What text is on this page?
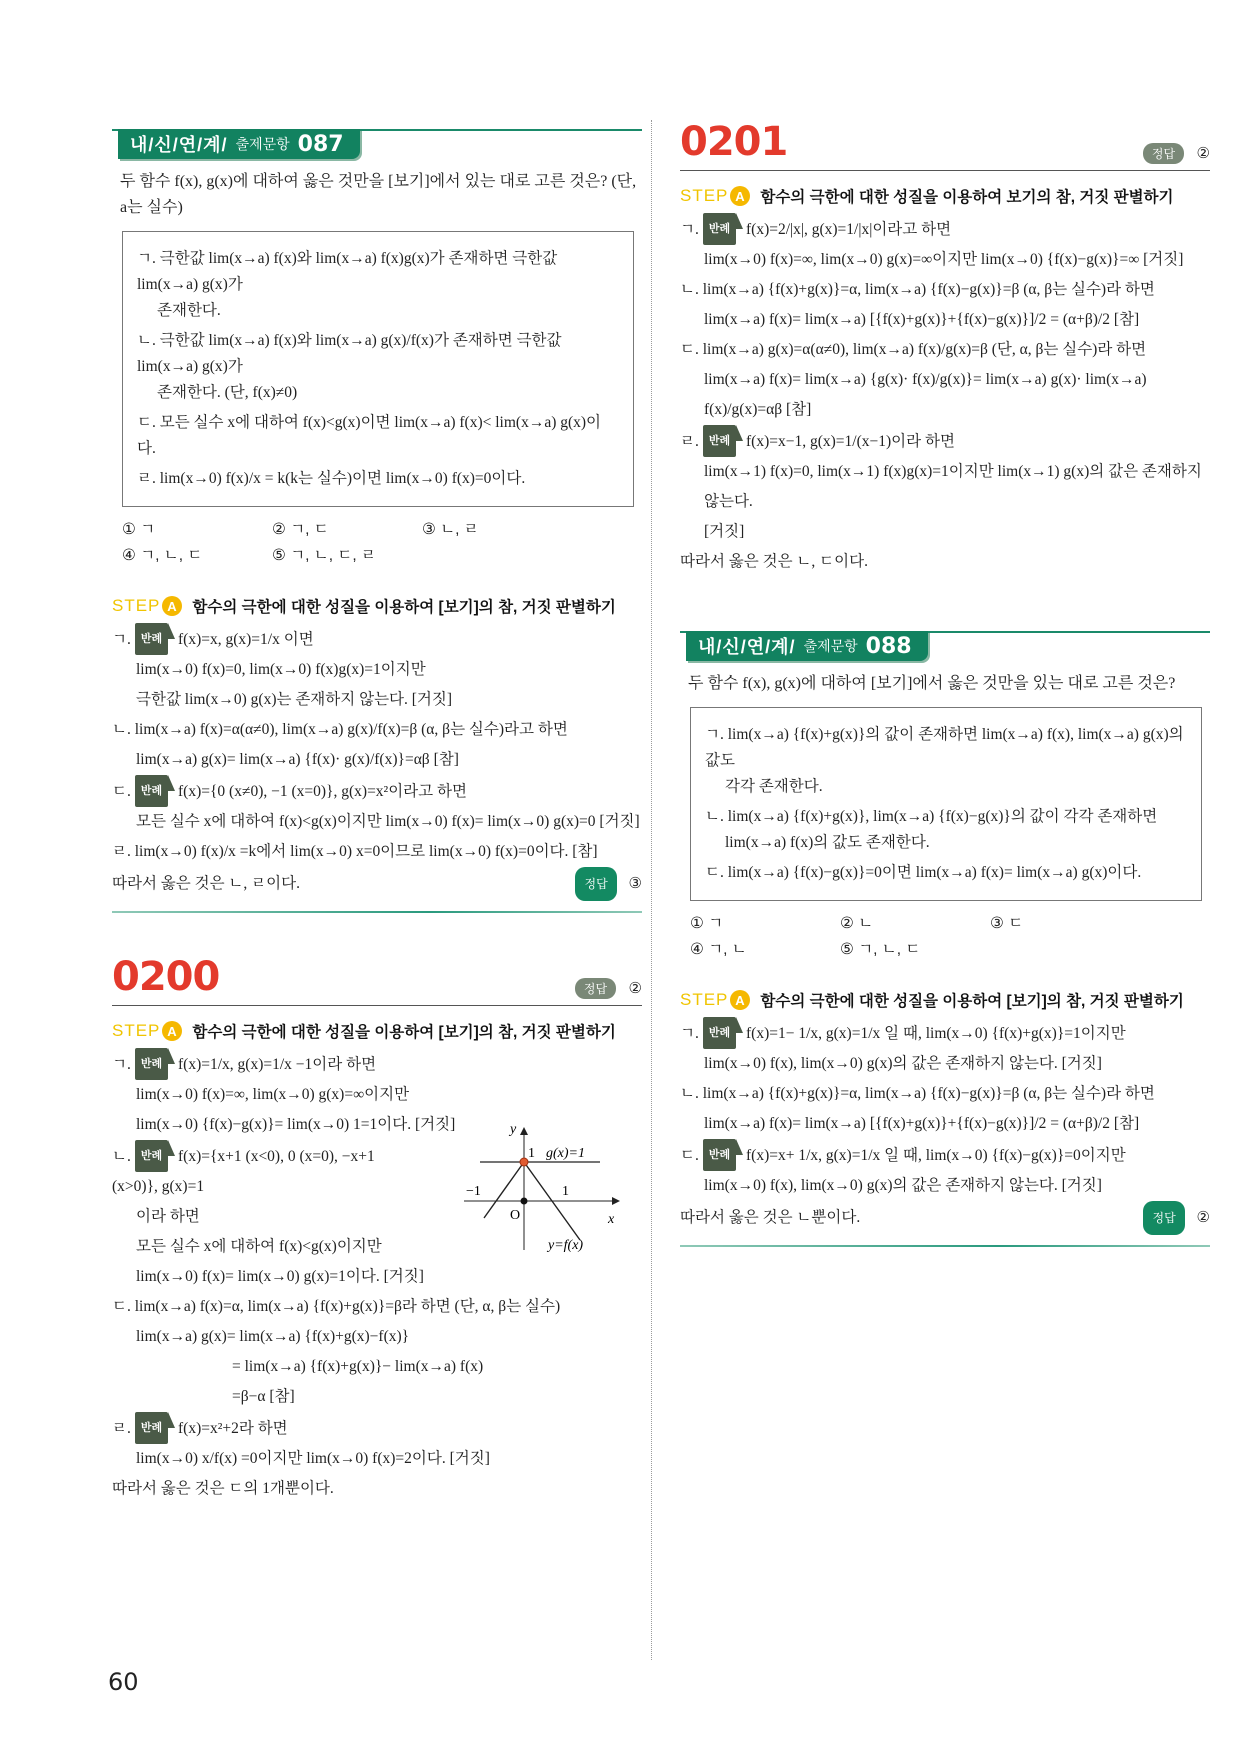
내/신/연/계/ 출제문항 087

두 함수 f(x), g(x)에 대하여 옳은 것만을 [보기]에서 있는 대로 고른 것은? (단, a는 실수)

ㄱ. 극한값 lim(x→a) f(x)와 lim(x→a) f(x)g(x)가 존재하면 극한값 lim(x→a) g(x)가
존재한다.
ㄴ. 극한값 lim(x→a) f(x)와 lim(x→a) g(x)/f(x)가 존재하면 극한값 lim(x→a) g(x)가
존재한다. (단, f(x)≠0)
ㄷ. 모든 실수 x에 대하여 f(x)<g(x)이면 lim(x→a) f(x)< lim(x→a) g(x)이다.
ㄹ. lim(x→0) f(x)/x = k(k는 실수)이면 lim(x→0) f(x)=0이다.
① ㄱ	② ㄱ, ㄷ	③ ㄴ, ㄹ
④ ㄱ, ㄴ, ㄷ	⑤ ㄱ, ㄴ, ㄷ, ㄹ
STEP A 함수의 극한에 대한 성질을 이용하여 [보기]의 참, 거짓 판별하기
ㄱ. 반례 f(x)=x, g(x)=1/x 이면
lim(x→0) f(x)=0, lim(x→0) f(x)g(x)=1이지만
극한값 lim(x→0) g(x)는 존재하지 않는다. [거짓]
ㄴ. lim(x→a) f(x)=α(α≠0), lim(x→a) g(x)/f(x)=β (α, β는 실수)라고 하면
lim(x→a) g(x)= lim(x→a) {f(x)· g(x)/f(x)}=αβ [참]
ㄷ. 반례 f(x)={0 (x≠0), −1 (x=0)}, g(x)=x²이라고 하면
모든 실수 x에 대하여 f(x)<g(x)이지만 lim(x→0) f(x)= lim(x→0) g(x)=0 [거짓]
ㄹ. lim(x→0) f(x)/x =k에서 lim(x→0) x=0이므로 lim(x→0) f(x)=0이다. [참]
따라서 옳은 것은 ㄴ, ㄹ이다.	정답 ③
0200	정답 ②
STEP A 함수의 극한에 대한 성질을 이용하여 [보기]의 참, 거짓 판별하기
ㄱ. 반례 f(x)=1/x, g(x)=1/x −1이라 하면
lim(x→0) f(x)=∞, lim(x→0) g(x)=∞이지만
lim(x→0) {f(x)−g(x)}= lim(x→0) 1=1이다. [거짓]
ㄴ. 반례 f(x)={x+1 (x<0), 0 (x=0), −x+1 (x>0)}, g(x)=1
이라 하면
모든 실수 x에 대하여 f(x)<g(x)이지만
lim(x→0) f(x)= lim(x→0) g(x)=1이다. [거짓]
ㄷ. lim(x→a) f(x)=α, lim(x→a) {f(x)+g(x)}=β라 하면 (단, α, β는 실수)
lim(x→a) g(x)= lim(x→a) {f(x)+g(x)−f(x)}
= lim(x→a) {f(x)+g(x)}− lim(x→a) f(x)
=β−α [참]
ㄹ. 반례 f(x)=x²+2라 하면
lim(x→0) x/f(x) =0이지만 lim(x→0) f(x)=2이다. [거짓]
따라서 옳은 것은 ㄷ의 1개뿐이다.
y
x
O
−1	1
1 g(x)=1
y=f(x)
0201	정답 ②
STEP A 함수의 극한에 대한 성질을 이용하여 보기의 참, 거짓 판별하기
ㄱ. 반례 f(x)=2/|x|, g(x)=1/|x|이라고 하면
lim(x→0) f(x)=∞, lim(x→0) g(x)=∞이지만 lim(x→0) {f(x)−g(x)}=∞ [거짓]
ㄴ. lim(x→a) {f(x)+g(x)}=α, lim(x→a) {f(x)−g(x)}=β (α, β는 실수)라 하면
lim(x→a) f(x)= lim(x→a) [{f(x)+g(x)}+{f(x)−g(x)}]/2 = (α+β)/2 [참]
ㄷ. lim(x→a) g(x)=α(α≠0), lim(x→a) f(x)/g(x)=β (단, α, β는 실수)라 하면
lim(x→a) f(x)= lim(x→a) {g(x)· f(x)/g(x)}= lim(x→a) g(x)· lim(x→a) f(x)/g(x)=αβ [참]
ㄹ. 반례 f(x)=x−1, g(x)=1/(x−1)이라 하면
lim(x→1) f(x)=0, lim(x→1) f(x)g(x)=1이지만 lim(x→1) g(x)의 값은 존재하지 않는다.
[거짓]
따라서 옳은 것은 ㄴ, ㄷ이다.
내/신/연/계/ 출제문항 088

두 함수 f(x), g(x)에 대하여 [보기]에서 옳은 것만을 있는 대로 고른 것은?

ㄱ. lim(x→a) {f(x)+g(x)}의 값이 존재하면 lim(x→a) f(x), lim(x→a) g(x)의 값도
각각 존재한다.
ㄴ. lim(x→a) {f(x)+g(x)}, lim(x→a) {f(x)−g(x)}의 값이 각각 존재하면
lim(x→a) f(x)의 값도 존재한다.
ㄷ. lim(x→a) {f(x)−g(x)}=0이면 lim(x→a) f(x)= lim(x→a) g(x)이다.
① ㄱ	② ㄴ	③ ㄷ
④ ㄱ, ㄴ	⑤ ㄱ, ㄴ, ㄷ
STEP A 함수의 극한에 대한 성질을 이용하여 [보기]의 참, 거짓 판별하기
ㄱ. 반례 f(x)=1− 1/x, g(x)=1/x 일 때, lim(x→0) {f(x)+g(x)}=1이지만
lim(x→0) f(x), lim(x→0) g(x)의 값은 존재하지 않는다. [거짓]
ㄴ. lim(x→a) {f(x)+g(x)}=α, lim(x→a) {f(x)−g(x)}=β (α, β는 실수)라 하면
lim(x→a) f(x)= lim(x→a) [{f(x)+g(x)}+{f(x)−g(x)}]/2 = (α+β)/2 [참]
ㄷ. 반례 f(x)=x+ 1/x, g(x)=1/x 일 때, lim(x→0) {f(x)−g(x)}=0이지만
lim(x→0) f(x), lim(x→0) g(x)의 값은 존재하지 않는다. [거짓]
따라서 옳은 것은 ㄴ뿐이다.	정답 ②
60
